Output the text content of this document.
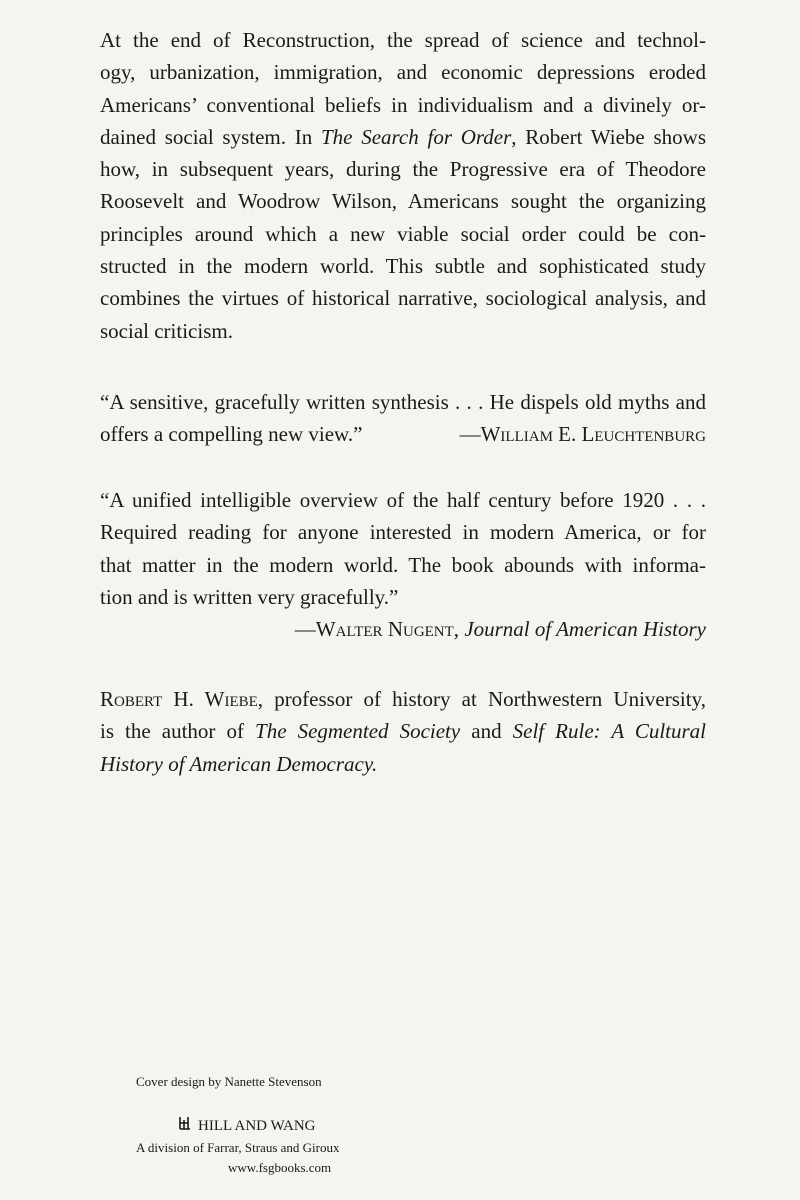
At the end of Reconstruction, the spread of science and technol-
ogy, urbanization, immigration, and economic depressions eroded
Americans’ conventional beliefs in individualism and a divinely or-
dained social system. In The Search for Order, Robert Wiebe shows
how, in subsequent years, during the Progressive era of Theodore
Roosevelt and Woodrow Wilson, Americans sought the organizing
principles around which a new viable social order could be con-
structed in the modern world. This subtle and sophisticated study
combines the virtues of historical narrative, sociological analysis, and
social criticism.

“A sensitive, gracefully written synthesis . . . He dispels old myths and
offers a compelling new view.”	—William E. Leuchtenburg

“A unified intelligible overview of the half century before 1920 . . .
Required reading for anyone interested in modern America, or for
that matter in the modern world. The book abounds with informa-
tion and is written very gracefully.”
—Walter Nugent, Journal of American History

Robert H. Wiebe, professor of history at Northwestern University,
is the author of The Segmented Society and Self Rule: A Cultural
History of American Democracy.

Cover design by Nanette Stevenson
HILL AND WANG
A division of Farrar, Straus and Giroux
www.fsgbooks.com
